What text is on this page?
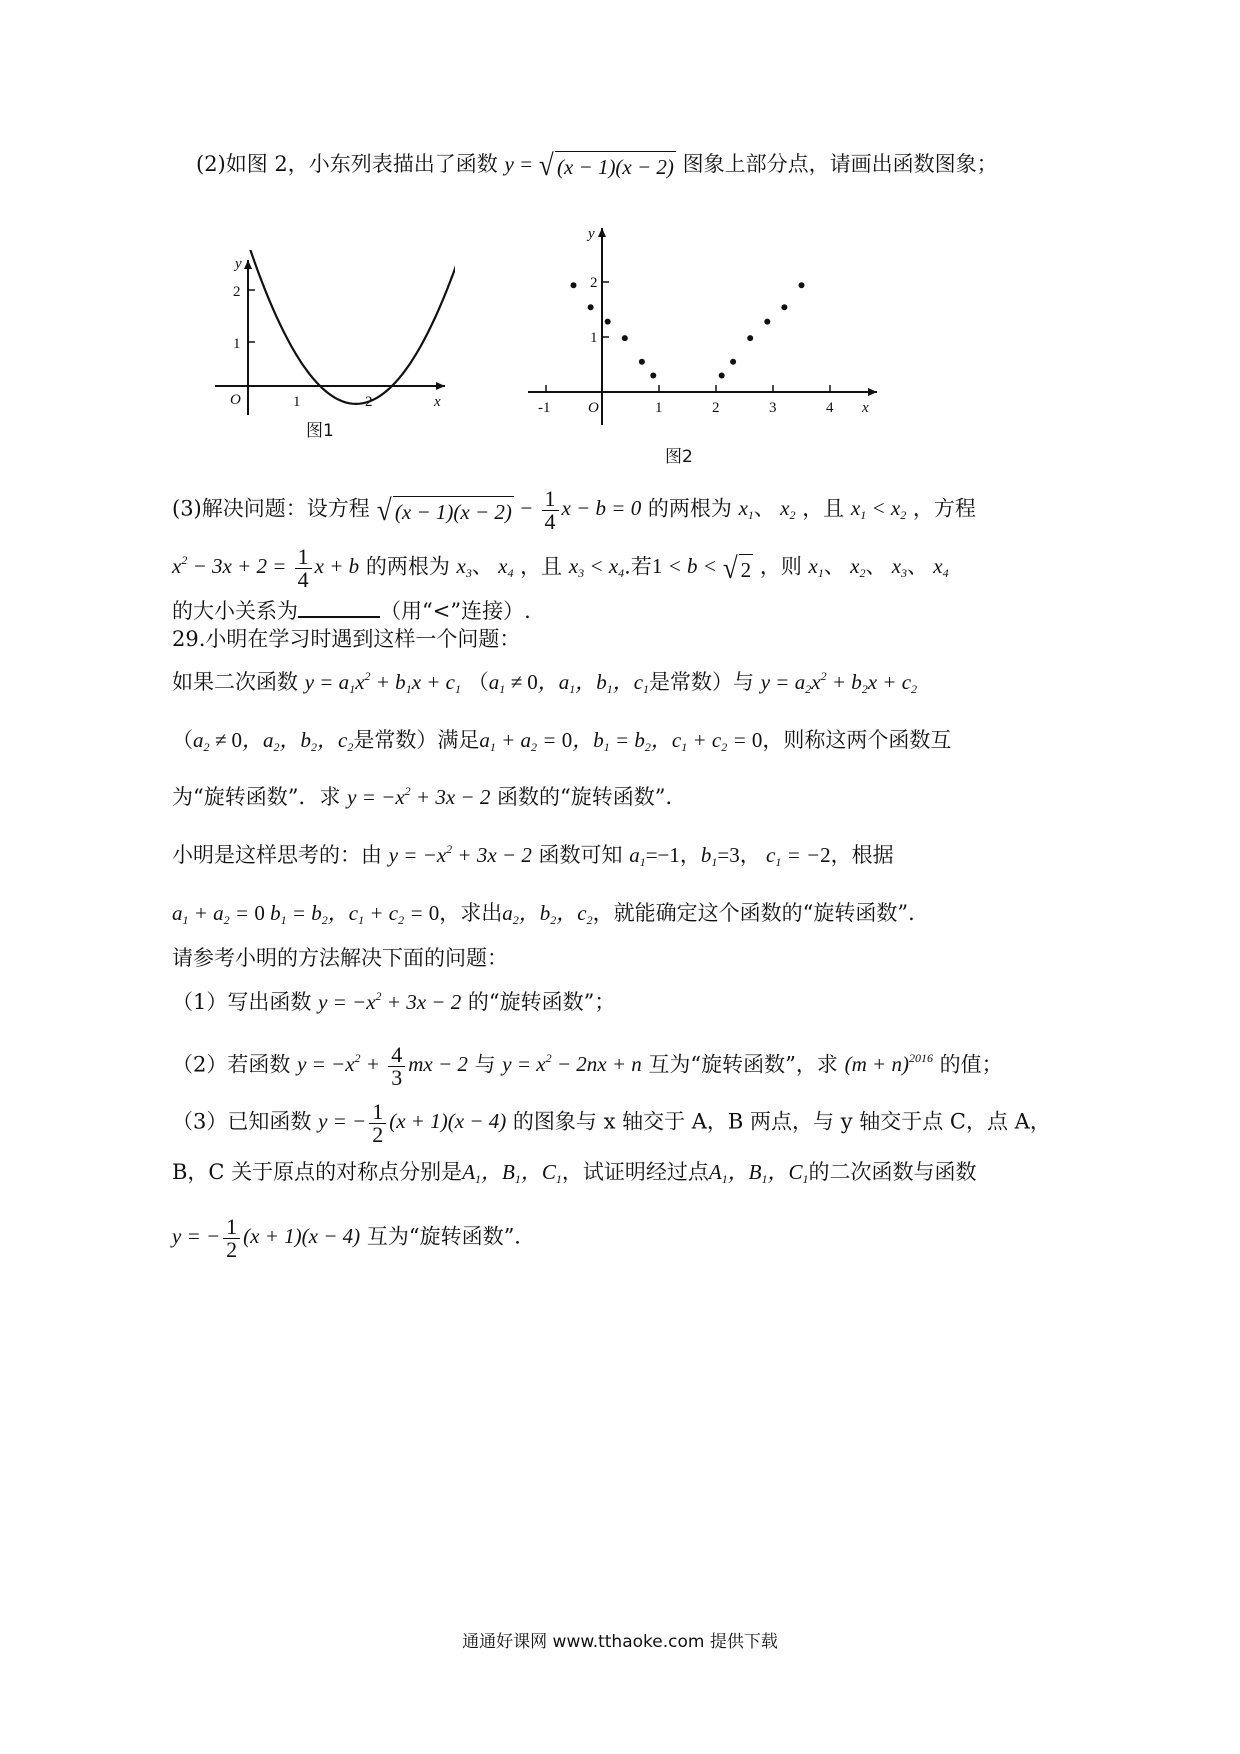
(2)如图 2，小东列表描出了函数 y = √ (x − 1)(x − 2) 图象上部分点，请画出函数图象；
y
x
O
1
2
1	2
图1
y
x
O
1
2
-1	1	2	3	4
图2
(3)解决问题：设方程 √ $(x - 1)(x - 2) - \frac{1}{4}$ x − b = 0 的两根为 $x_1$、 $x_2$ ，且 $x_1 < x_2$ ，方程
$x^2 - 3x + 2 = \frac{1}{4}$ x + b 的两根为 $x_3$、 $x_4$ ，且 $x_3 < x_4$.若1 < b < √ 2 ，则 $x_1$、 $x_2$、 $x_3$、 $x_4$
的大小关系为	（用“<”连接）.
29.小明在学习时遇到这样一个问题：
如果二次函数 $y = a_1x^2 + b_1x + c_1$ （$a_1 \ne 0$，$a_1$，$b_1$，$c_1$是常数）与 $y = a_2x^2 + b_2x + c_2$
（$a_2 \ne 0$，$a_2$，$b_2$，$c_2$是常数）满足$a_1 + a_2 = 0$，$b_1 = b_2$，$c_1 + c_2 = 0$，则称这两个函数互
为“旋转函数”．求 $y = -x^2 + 3x - 2$ 函数的“旋转函数”．
小明是这样思考的：由 $y = -x^2 + 3x - 2$ 函数可知 $a_1=-1$，$b_1=3$， $c_1 = -2$，根据
$a_1 + a_2 = 0$ $b_1 = b_2$，$c_1 + c_2 = 0$，求出$a_2$，$b_2$，$c_2$，就能确定这个函数的“旋转函数”．
请参考小明的方法解决下面的问题：
（1）写出函数 $y = -x^2 + 3x - 2$ 的“旋转函数”；
（2）若函数 $y = -x^2 + \frac{4}{3}$ mx − 2 与 $y = x^2 - 2nx + n$ 互为“旋转函数”，求 $(m + n)^{2016}$ 的值；
（3）已知函数 y = − $\frac{1}{2} (x + 1)(x - 4)$ 的图象与 x 轴交于 A，B 两点，与 y 轴交于点 C，点 A，
B，C 关于原点的对称点分别是$A_1$，$B_1$，$C_1$，试证明经过点$A_1$，$B_1$，$C_1$的二次函数与函数
y = − $\frac{1}{2} (x + 1)(x - 4)$ 互为“旋转函数”．
通通好课网 www.tthaoke.com 提供下载
